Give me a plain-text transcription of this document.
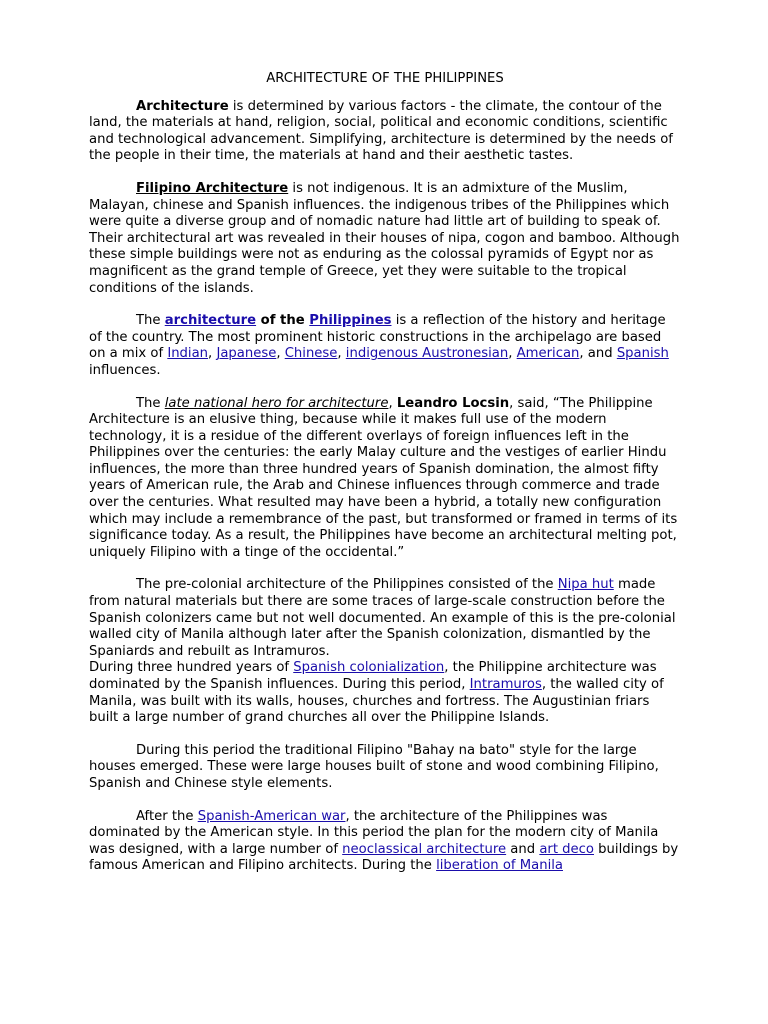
ARCHITECTURE OF THE PHILIPPINES

Architecture is determined by various factors - the climate, the contour of the land, the materials at hand, religion, social, political and economic conditions, scientific and technological advancement. Simplifying, architecture is determined by the needs of the people in their time, the materials at hand and their aesthetic tastes.

Filipino Architecture is not indigenous. It is an admixture of the Muslim, Malayan, chinese and Spanish influences. the indigenous tribes of the Philippines which were quite a diverse group and of nomadic nature had little art of building to speak of. Their architectural art was revealed in their houses of nipa, cogon and bamboo. Although these simple buildings were not as enduring as the colossal pyramids of Egypt nor as magnificent as the grand temple of Greece, yet they were suitable to the tropical conditions of the islands.

The architecture of the Philippines is a reflection of the history and heritage of the country. The most prominent historic constructions in the archipelago are based on a mix of Indian, Japanese, Chinese, indigenous Austronesian, American, and Spanish influences.

The late national hero for architecture, Leandro Locsin, said, “The Philippine Architecture is an elusive thing, because while it makes full use of the modern technology, it is a residue of the different overlays of foreign influences left in the Philippines over the centuries: the early Malay culture and the vestiges of earlier Hindu influences, the more than three hundred years of Spanish domination, the almost fifty years of American rule, the Arab and Chinese influences through commerce and trade over the centuries. What resulted may have been a hybrid, a totally new configuration which may include a remembrance of the past, but transformed or framed in terms of its significance today. As a result, the Philippines have become an architectural melting pot, uniquely Filipino with a tinge of the occidental.”

The pre-colonial architecture of the Philippines consisted of the Nipa hut made from natural materials but there are some traces of large-scale construction before the Spanish colonizers came but not well documented. An example of this is the pre-colonial walled city of Manila although later after the Spanish colonization, dismantled by the Spaniards and rebuilt as Intramuros.

During three hundred years of Spanish colonialization, the Philippine architecture was dominated by the Spanish influences. During this period, Intramuros, the walled city of Manila, was built with its walls, houses, churches and fortress. The Augustinian friars built a large number of grand churches all over the Philippine Islands.

During this period the traditional Filipino "Bahay na bato" style for the large houses emerged. These were large houses built of stone and wood combining Filipino, Spanish and Chinese style elements.

After the Spanish-American war, the architecture of the Philippines was dominated by the American style. In this period the plan for the modern city of Manila was designed, with a large number of neoclassical architecture and art deco buildings by famous American and Filipino architects. During the liberation of Manila
